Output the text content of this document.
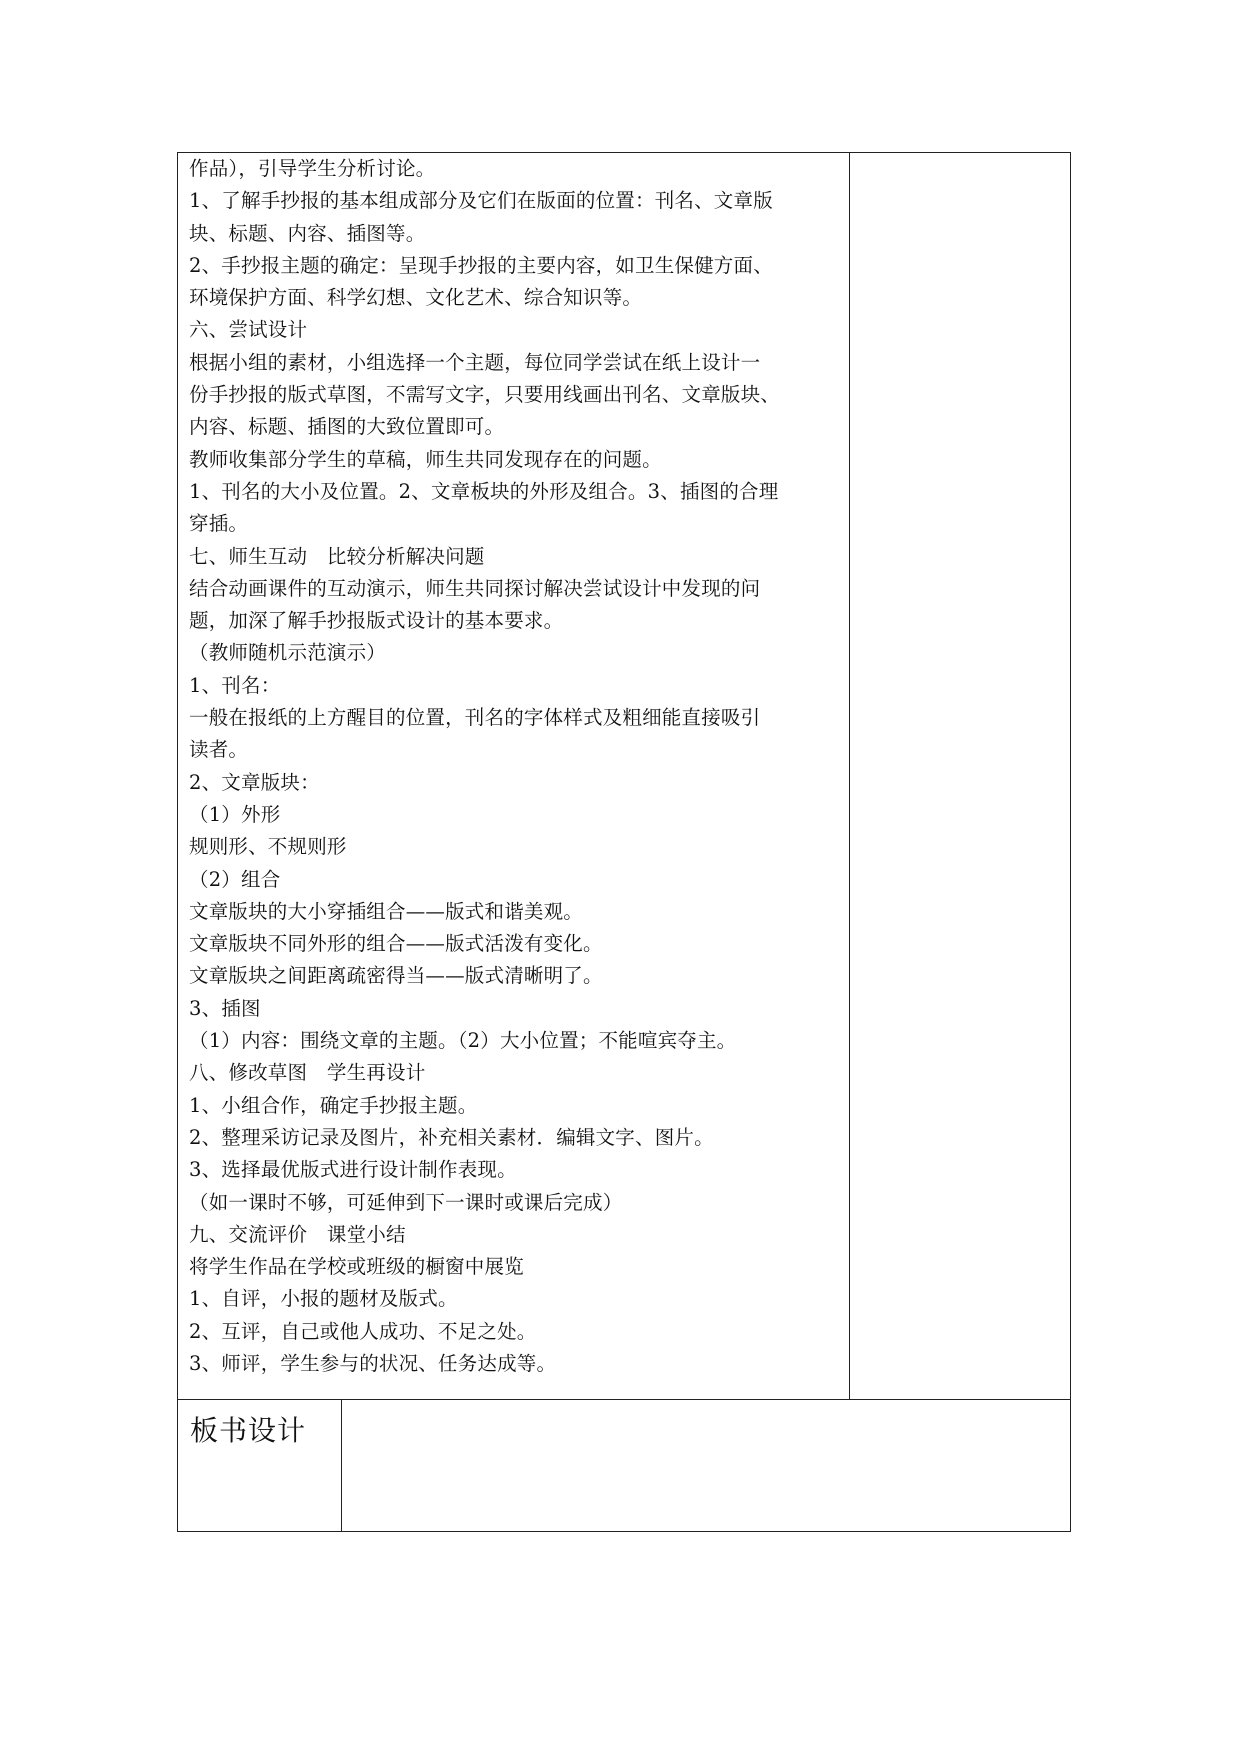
作品），引导学生分析讨论。
1、了解手抄报的基本组成部分及它们在版面的位置：刊名、文章版
块、标题、内容、插图等。
2、手抄报主题的确定：呈现手抄报的主要内容，如卫生保健方面、
环境保护方面、科学幻想、文化艺术、综合知识等。
六、尝试设计
根据小组的素材，小组选择一个主题，每位同学尝试在纸上设计一
份手抄报的版式草图，不需写文字，只要用线画出刊名、文章版块、
内容、标题、插图的大致位置即可。
教师收集部分学生的草稿，师生共同发现存在的问题。
1、刊名的大小及位置。2、文章板块的外形及组合。3、插图的合理
穿插。
七、师生互动　比较分析解决问题
结合动画课件的互动演示，师生共同探讨解决尝试设计中发现的问
题，加深了解手抄报版式设计的基本要求。
（教师随机示范演示）
1、刊名：
一般在报纸的上方醒目的位置，刊名的字体样式及粗细能直接吸引
读者。
2、文章版块：
（1）外形
规则形、不规则形
（2）组合
文章版块的大小穿插组合——版式和谐美观。
文章版块不同外形的组合——版式活泼有变化。
文章版块之间距离疏密得当——版式清晰明了。
3、插图
（1）内容：围绕文章的主题。（2）大小位置；不能喧宾夺主。
八、修改草图　学生再设计
1、小组合作，确定手抄报主题。
2、整理采访记录及图片，补充相关素材．编辑文字、图片。
3、选择最优版式进行设计制作表现。
（如一课时不够，可延伸到下一课时或课后完成）
九、交流评价　课堂小结
将学生作品在学校或班级的橱窗中展览
1、自评，小报的题材及版式。
2、互评，自己或他人成功、不足之处。
3、师评，学生参与的状况、任务达成等。
板书设计
